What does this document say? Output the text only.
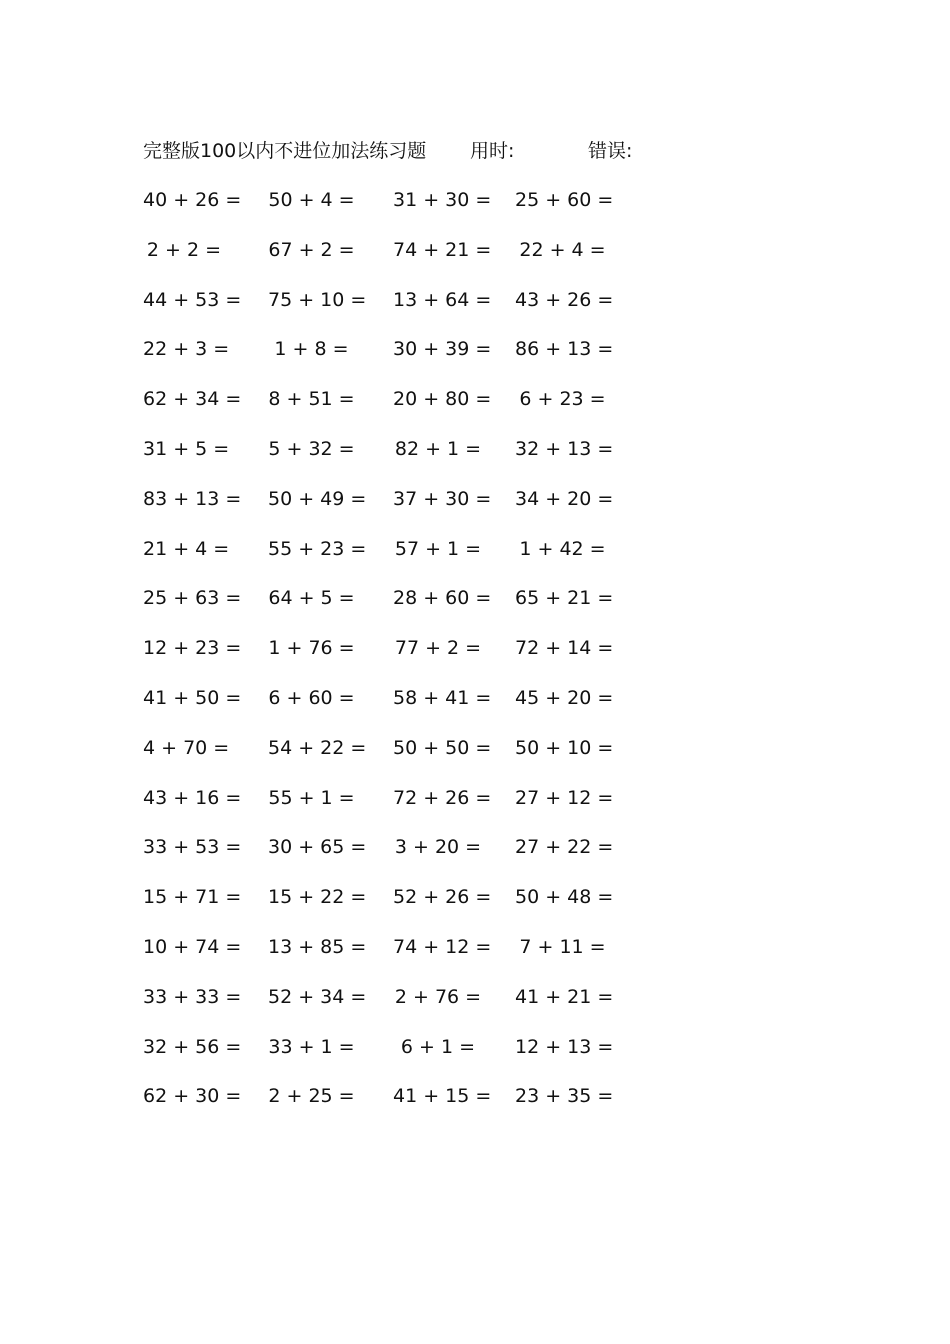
完整版100以内不进位加法练习题 用时:	错误:
40 + 26 = 50 + 4 = 31 + 30 = 25 + 60 =
2 + 2 = 67 + 2 = 74 + 21 = 22 + 4 =
44 + 53 = 75 + 10 = 13 + 64 = 43 + 26 =
22 + 3 =	1 + 8 =	30 + 39 = 86 + 13 =
62 + 34 = 8 + 51 = 20 + 80 = 6 + 23 =
31 + 5 = 5 + 32 = 82 + 1 = 32 + 13 =
83 + 13 = 50 + 49 = 37 + 30 = 34 + 20 =
21 + 4 = 55 + 23 = 57 + 1 = 1 + 42 =
25 + 63 = 64 + 5 = 28 + 60 = 65 + 21 =
12 + 23 = 1 + 76 = 77 + 2 = 72 + 14 =
41 + 50 = 6 + 60 = 58 + 41 = 45 + 20 =
4 + 70 = 54 + 22 = 50 + 50 = 50 + 10 =
43 + 16 = 55 + 1 = 72 + 26 = 27 + 12 =
33 + 53 = 30 + 65 = 3 + 20 = 27 + 22 =
15 + 71 = 15 + 22 = 52 + 26 = 50 + 48 =
10 + 74 = 13 + 85 = 74 + 12 = 7 + 11 =
33 + 33 = 52 + 34 = 2 + 76 = 41 + 21 =
32 + 56 = 33 + 1 =	6 + 1 =	12 + 13 =
62 + 30 = 2 + 25 = 41 + 15 = 23 + 35 =
